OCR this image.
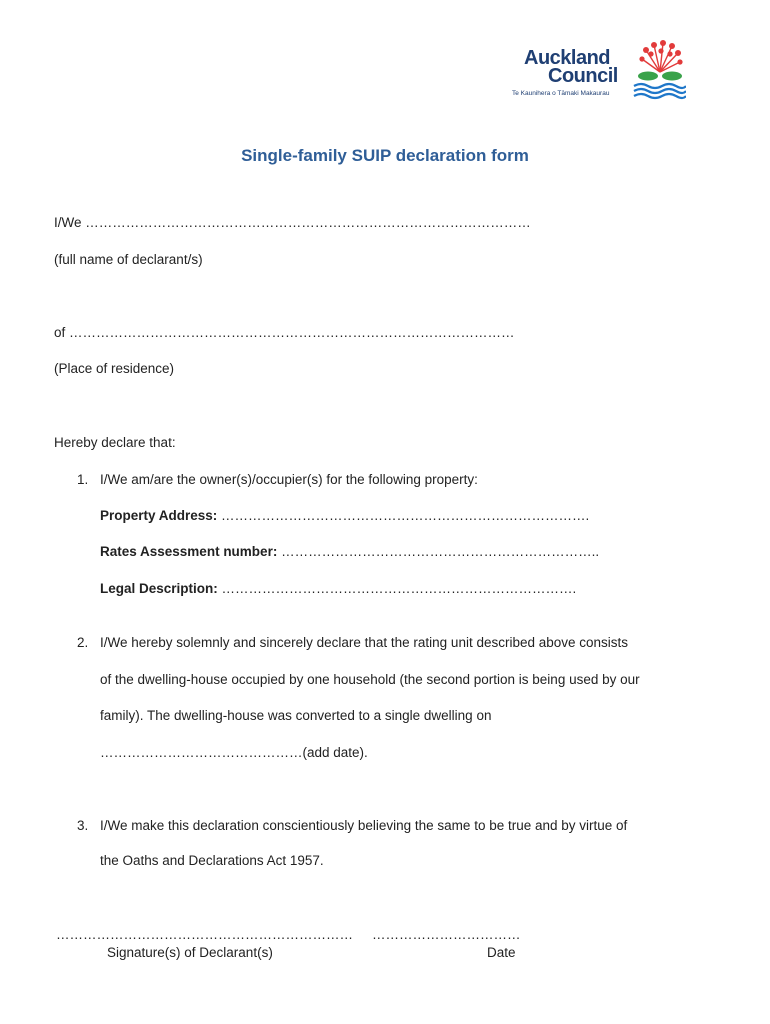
Auckland
Council
Te Kaunihera o Tāmaki Makaurau
Single-family SUIP declaration form
I/We ………………………………………………………………………………………
(full name of declarant/s)
of ………………………………………………………………………………………
(Place of residence)
Hereby declare that:
1. I/We am/are the owner(s)/occupier(s) for the following property:
Property Address: ……………………………………………………………………….
Rates Assessment number: ……………………………………………………………..
Legal Description: …………………………………………………………………….
2. I/We hereby solemnly and sincerely declare that the rating unit described above consists
of the dwelling-house occupied by one household (the second portion is being used by our
family). The dwelling-house was converted to a single dwelling on
………………………………………(add date).
3. I/We make this declaration conscientiously believing the same to be true and by virtue of
the Oaths and Declarations Act 1957.
…………………………………………………………
Signature(s) of Declarant(s)
……………………………
Date
